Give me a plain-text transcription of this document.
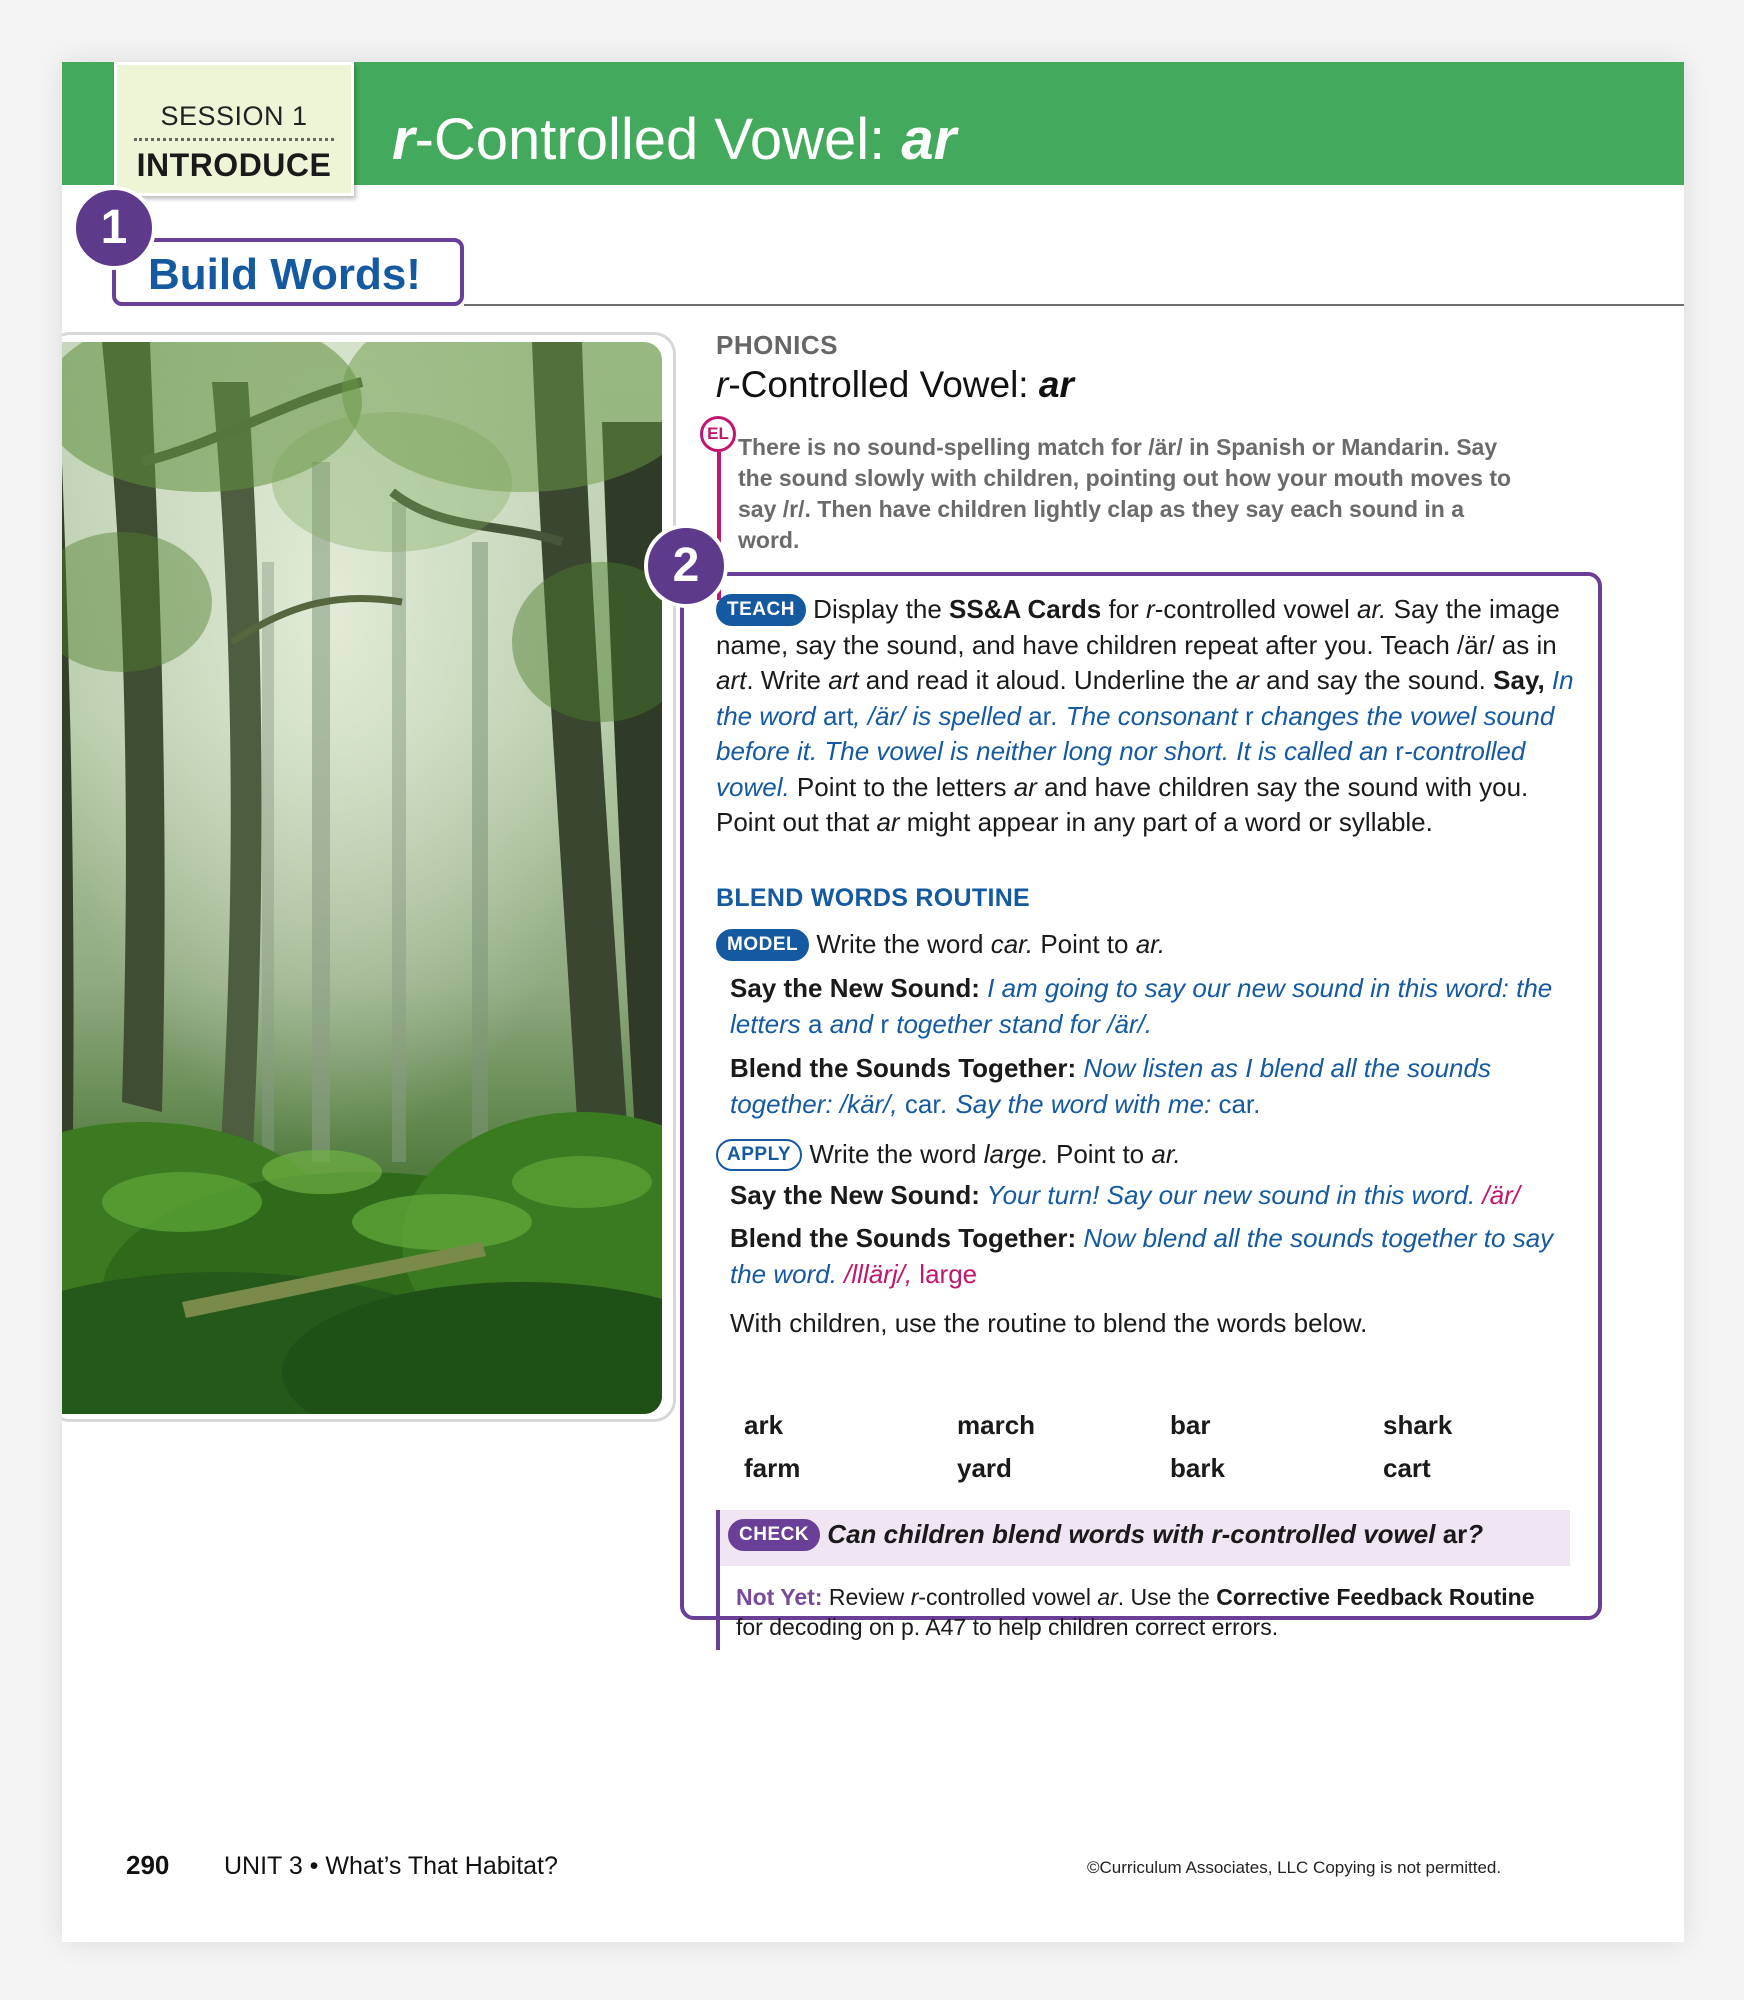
SESSION 1
INTRODUCE	r-Controlled Vowel: ar
Build Words!
1
PHONICS
r-Controlled Vowel: ar
EL

There is no sound-spelling match for /är/ in Spanish or Mandarin. Say the sound slowly with children, pointing out how your mouth moves to say /r/. Then have children lightly clap as they say each sound in a word.

2

TEACH Display the SS&A Cards for r-controlled vowel ar. Say the image name, say the sound, and have children repeat after you. Teach /är/ as in art. Write art and read it aloud. Underline the ar and say the sound. Say, In the word art, /är/ is spelled ar. The consonant r changes the vowel sound before it. The vowel is neither long nor short. It is called an r-controlled vowel. Point to the letters ar and have children say the sound with you. Point out that ar might appear in any part of a word or syllable.

BLEND WORDS ROUTINE

MODEL Write the word car. Point to ar.

Say the New Sound: I am going to say our new sound in this word: the letters a and r together stand for /är/.

Blend the Sounds Together: Now listen as I blend all the sounds together: /kär/, car. Say the word with me: car.

APPLY Write the word large. Point to ar.

Say the New Sound: Your turn! Say our new sound in this word. /är/

Blend the Sounds Together: Now blend all the sounds together to say the word. /lllärj/, large

With children, use the routine to blend the words below.

ark	march	bar	shark
farm	yard	bark	cart
CHECK Can children blend words with r-controlled vowel ar?

Not Yet: Review r-controlled vowel ar. Use the Corrective Feedback Routine for decoding on p. A47 to help children correct errors.

290 UNIT 3 • What’s That Habitat?	©Curriculum Associates, LLC Copying is not permitted.
